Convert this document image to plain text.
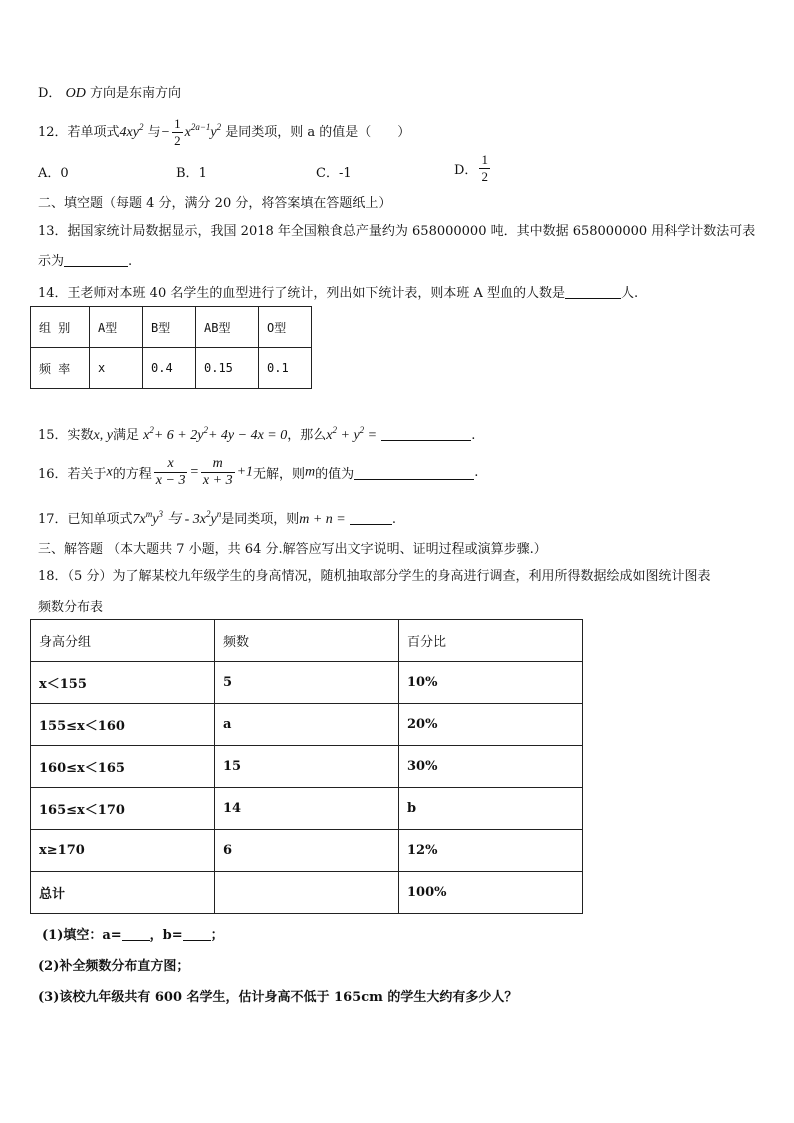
D． OD 方向是东南方向
12．若单项式$4xy^2$ 与− $\frac{1}{2} x^{2a-1}y^2$ 是同类项，则 a 的值是（　　）
A．0	B．1	C．-1	D． $\frac{1}{2}$
二、填空题（每题 4 分，满分 20 分，将答案填在答题纸上）
13．据国家统计局数据显示，我国 2018 年全国粮食总产量约为 658000000 吨．其中数据 658000000 用科学计数法可表
示为	.
14．王老师对本班 40 名学生的血型进行了统计，列出如下统计表，则本班 A 型血的人数是	人.
组 别	A型	B型	AB型	O型
频 率	x	0.4	0.15	0.1
15．实数x, y满足 $x^2+ 6 + 2y^2+ 4y - 4x = 0$，那么$x^2 + y^2$ =	.
16．若关于x的方程 $\frac{x}{x - 3} = \frac{m}{x + 3} +1$无解，则m的值为	.
17．已知单项式$7x^my^3$ 与 - $3x^2y^n$是同类项，则m + n =	.
三、解答题 （本大题共 7 小题，共 64 分.解答应写出文字说明、证明过程或演算步骤.）
18．（5 分）为了解某校九年级学生的身高情况，随机抽取部分学生的身高进行调查，利用所得数据绘成如图统计图表
频数分布表
身高分组	频数	百分比
x＜155	5	10%
155≤x＜160	a	20%
160≤x＜165	15	30%
165≤x＜170	14	b
x≥170	6	12%
总计		100%
(1)填空：a= ，b= ；
(2)补全频数分布直方图；
(3)该校九年级共有 600 名学生，估计身高不低于 165cm 的学生大约有多少人？
